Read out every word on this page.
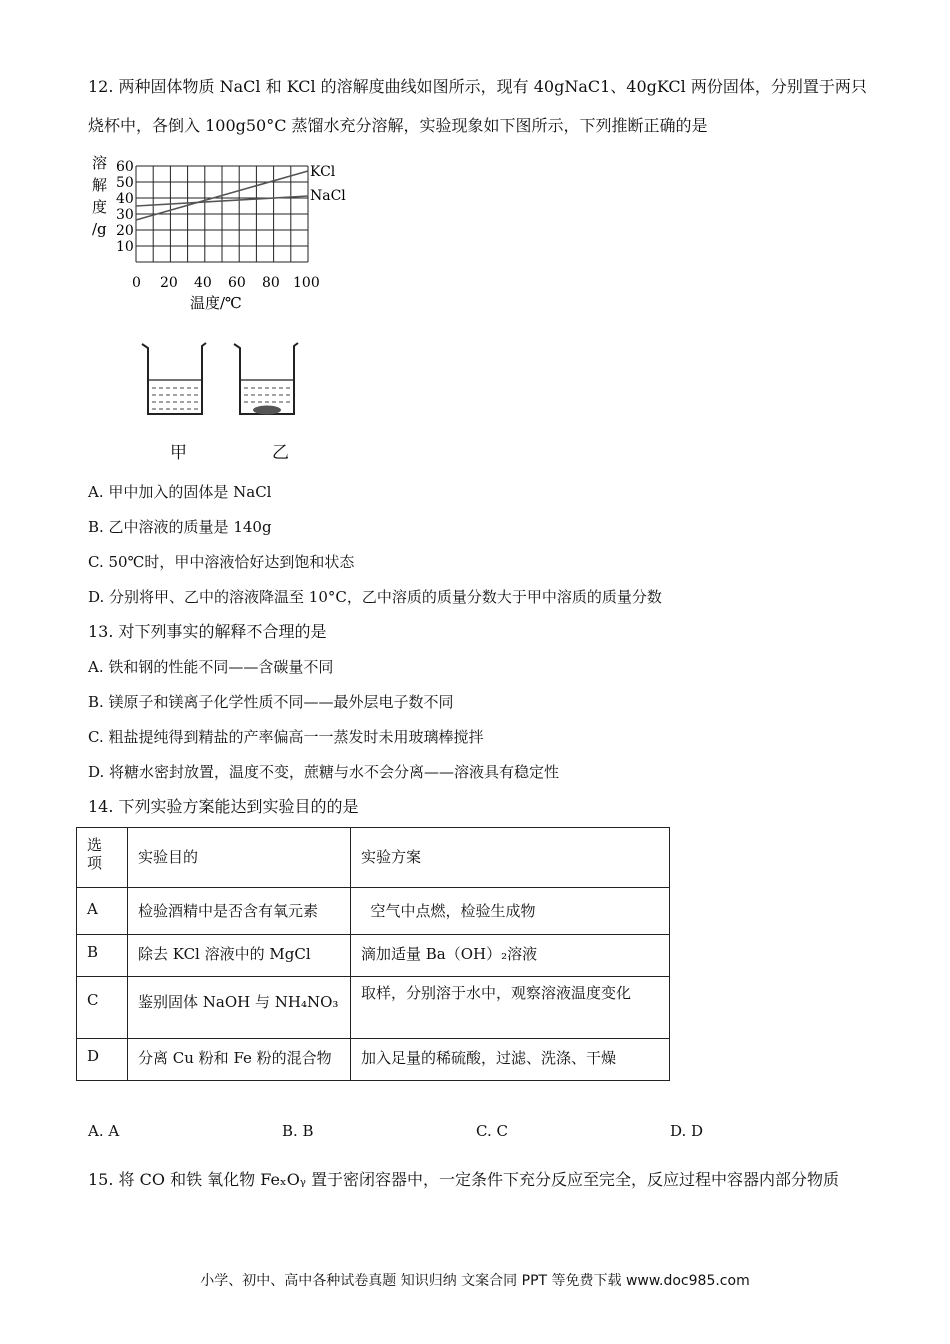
12. 两种固体物质 NaCl 和 KCl 的溶解度曲线如图所示，现有 40gNaC1、40gKCl 两份固体，分别置于两只
烧杯中，各倒入 100g50°C 蒸馏水充分溶解，实验现象如下图所示，下列推断正确的是
溶
解
度
/g
60
50
40
30
20
10
KCl
NaCl
0 20 40 60 80 100
温度/℃
甲	乙
A. 甲中加入的固体是 NaCl
B. 乙中溶液的质量是 140g
C. 50℃时，甲中溶液恰好达到饱和状态
D. 分别将甲、乙中的溶液降温至 10°C，乙中溶质的质量分数大于甲中溶质的质量分数
13. 对下列事实的解释不合理的是
A. 铁和钢的性能不同——含碳量不同
B. 镁原子和镁离子化学性质不同——最外层电子数不同
C. 粗盐提纯得到精盐的产率偏高一一蒸发时未用玻璃棒搅拌
D. 将糖水密封放置，温度不变，蔗糖与水不会分离——溶液具有稳定性
14. 下列实验方案能达到实验目的的是
选
项	实验目的	实验方案
A	检验酒精中是否含有氧元素	空气中点燃，检验生成物
B	除去 KCl 溶液中的 MgCl	滴加适量 Ba（OH）₂溶液
C	鉴别固体 NaOH 与 NH₄NO₃	取样，分别溶于水中，观察溶液温度变化
D	分离 Cu 粉和 Fe 粉的混合物	加入足量的稀硫酸，过滤、洗涤、干燥
A. A	B. B	C. C	D. D
15. 将 CO 和铁 氧化物 FeₓOᵧ 置于密闭容器中，一定条件下充分反应至完全，反应过程中容器内部分物质
小学、初中、高中各种试卷真题 知识归纳 文案合同 PPT 等免费下载 www.doc985.com
